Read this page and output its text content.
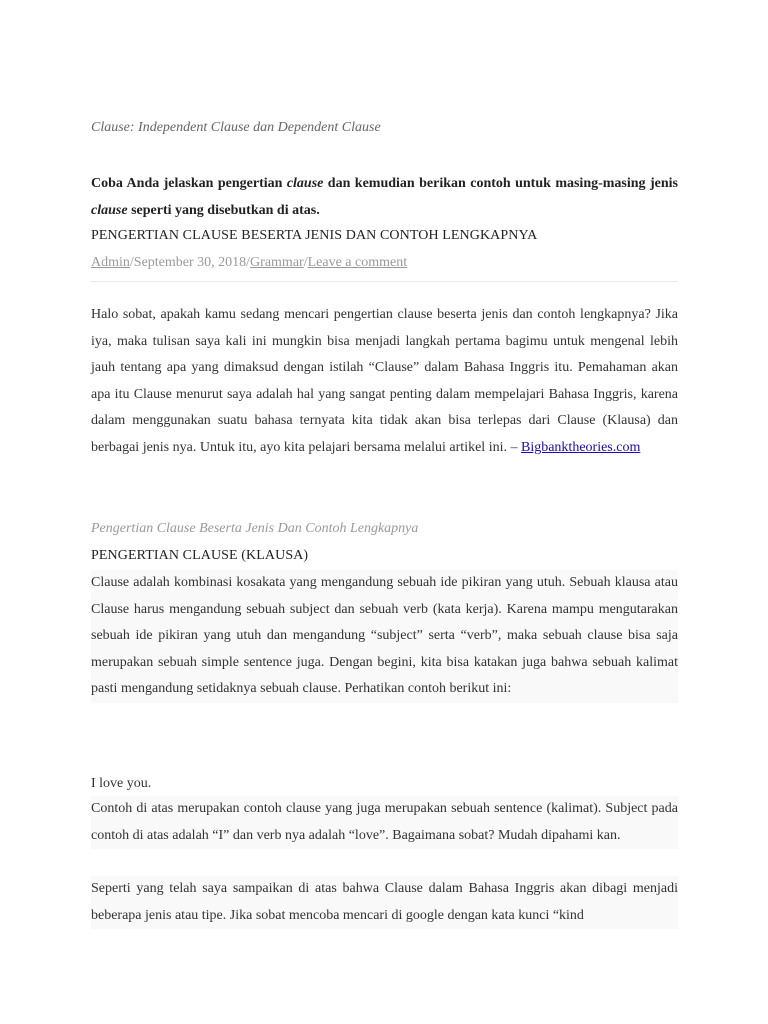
Clause: Independent Clause dan Dependent Clause
Coba Anda jelaskan pengertian clause dan kemudian berikan contoh untuk masing-masing jenis clause seperti yang disebutkan di atas.
PENGERTIAN CLAUSE BESERTA JENIS DAN CONTOH LENGKAPNYA
Admin/September 30, 2018/Grammar/Leave a comment
Halo sobat, apakah kamu sedang mencari pengertian clause beserta jenis dan contoh lengkapnya? Jika iya, maka tulisan saya kali ini mungkin bisa menjadi langkah pertama bagimu untuk mengenal lebih jauh tentang apa yang dimaksud dengan istilah “Clause” dalam Bahasa Inggris itu. Pemahaman akan apa itu Clause menurut saya adalah hal yang sangat penting dalam mempelajari Bahasa Inggris, karena dalam menggunakan suatu bahasa ternyata kita tidak akan bisa terlepas dari Clause (Klausa) dan berbagai jenis nya. Untuk itu, ayo kita pelajari bersama melalui artikel ini. – Bigbanktheories.com
Pengertian Clause Beserta Jenis Dan Contoh Lengkapnya
PENGERTIAN CLAUSE (KLAUSA)
Clause adalah kombinasi kosakata yang mengandung sebuah ide pikiran yang utuh. Sebuah klausa atau Clause harus mengandung sebuah subject dan sebuah verb (kata kerja). Karena mampu mengutarakan sebuah ide pikiran yang utuh dan mengandung “subject” serta “verb”, maka sebuah clause bisa saja merupakan sebuah simple sentence juga. Dengan begini, kita bisa katakan juga bahwa sebuah kalimat pasti mengandung setidaknya sebuah clause. Perhatikan contoh berikut ini:
I love you.
Contoh di atas merupakan contoh clause yang juga merupakan sebuah sentence (kalimat). Subject pada contoh di atas adalah “I” dan verb nya adalah “love”. Bagaimana sobat? Mudah dipahami kan.
Seperti yang telah saya sampaikan di atas bahwa Clause dalam Bahasa Inggris akan dibagi menjadi beberapa jenis atau tipe. Jika sobat mencoba mencari di google dengan kata kunci “kind
